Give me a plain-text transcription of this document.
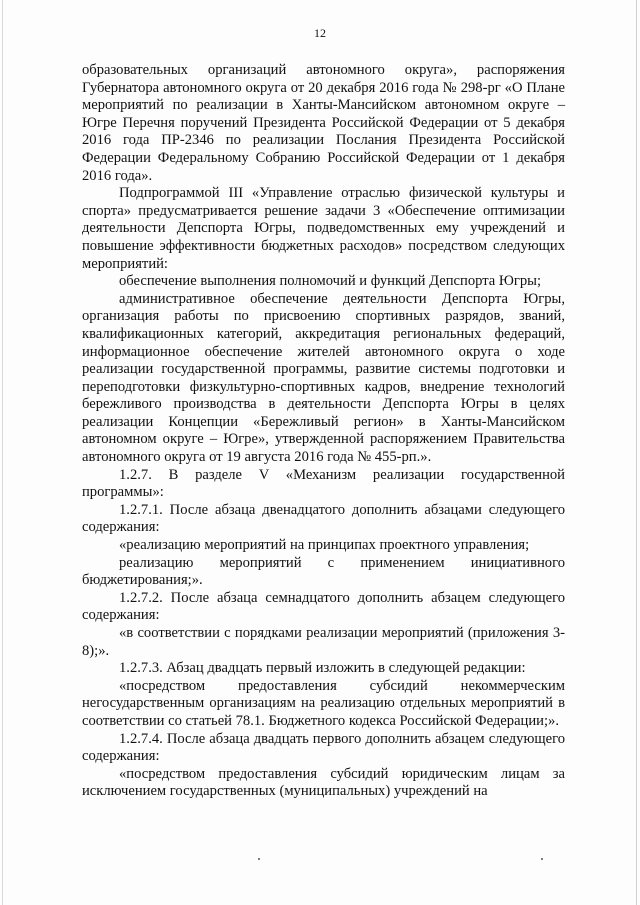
12

образовательных организаций автономного округа», распоряжения Губернатора автономного округа от 20 декабря 2016 года № 298-рг «О Плане мероприятий по реализации в Ханты-Мансийском автономном округе – Югре Перечня поручений Президента Российской Федерации от 5 декабря 2016 года ПР-2346 по реализации Послания Президента Российской Федерации Федеральному Собранию Российской Федерации от 1 декабря 2016 года».

Подпрограммой III «Управление отраслью физической культуры и спорта» предусматривается решение задачи 3 «Обеспечение оптимизации деятельности Депспорта Югры, подведомственных ему учреждений и повышение эффективности бюджетных расходов» посредством следующих мероприятий:

обеспечение выполнения полномочий и функций Депспорта Югры;

административное обеспечение деятельности Депспорта Югры, организация работы по присвоению спортивных разрядов, званий, квалификационных категорий, аккредитация региональных федераций, информационное обеспечение жителей автономного округа о ходе реализации государственной программы, развитие системы подготовки и переподготовки физкультурно-спортивных кадров, внедрение технологий бережливого производства в деятельности Депспорта Югры в целях реализации Концепции «Бережливый регион» в Ханты-Мансийском автономном округе – Югре», утвержденной распоряжением Правительства автономного округа от 19 августа 2016 года № 455-рп.».

1.2.7. В разделе V «Механизм реализации государственной программы»:

1.2.7.1. После абзаца двенадцатого дополнить абзацами следующего содержания:

«реализацию мероприятий на принципах проектного управления;

реализацию мероприятий с применением инициативного бюджетирования;».

1.2.7.2. После абзаца семнадцатого дополнить абзацем следующего содержания:

«в соответствии с порядками реализации мероприятий (приложения 3-8);».

1.2.7.3. Абзац двадцать первый изложить в следующей редакции:

«посредством предоставления субсидий некоммерческим негосударственным организациям на реализацию отдельных мероприятий в соответствии со статьей 78.1. Бюджетного кодекса Российской Федерации;».

1.2.7.4. После абзаца двадцать первого дополнить абзацем следующего содержания:

«посредством предоставления субсидий юридическим лицам за исключением государственных (муниципальных) учреждений на
